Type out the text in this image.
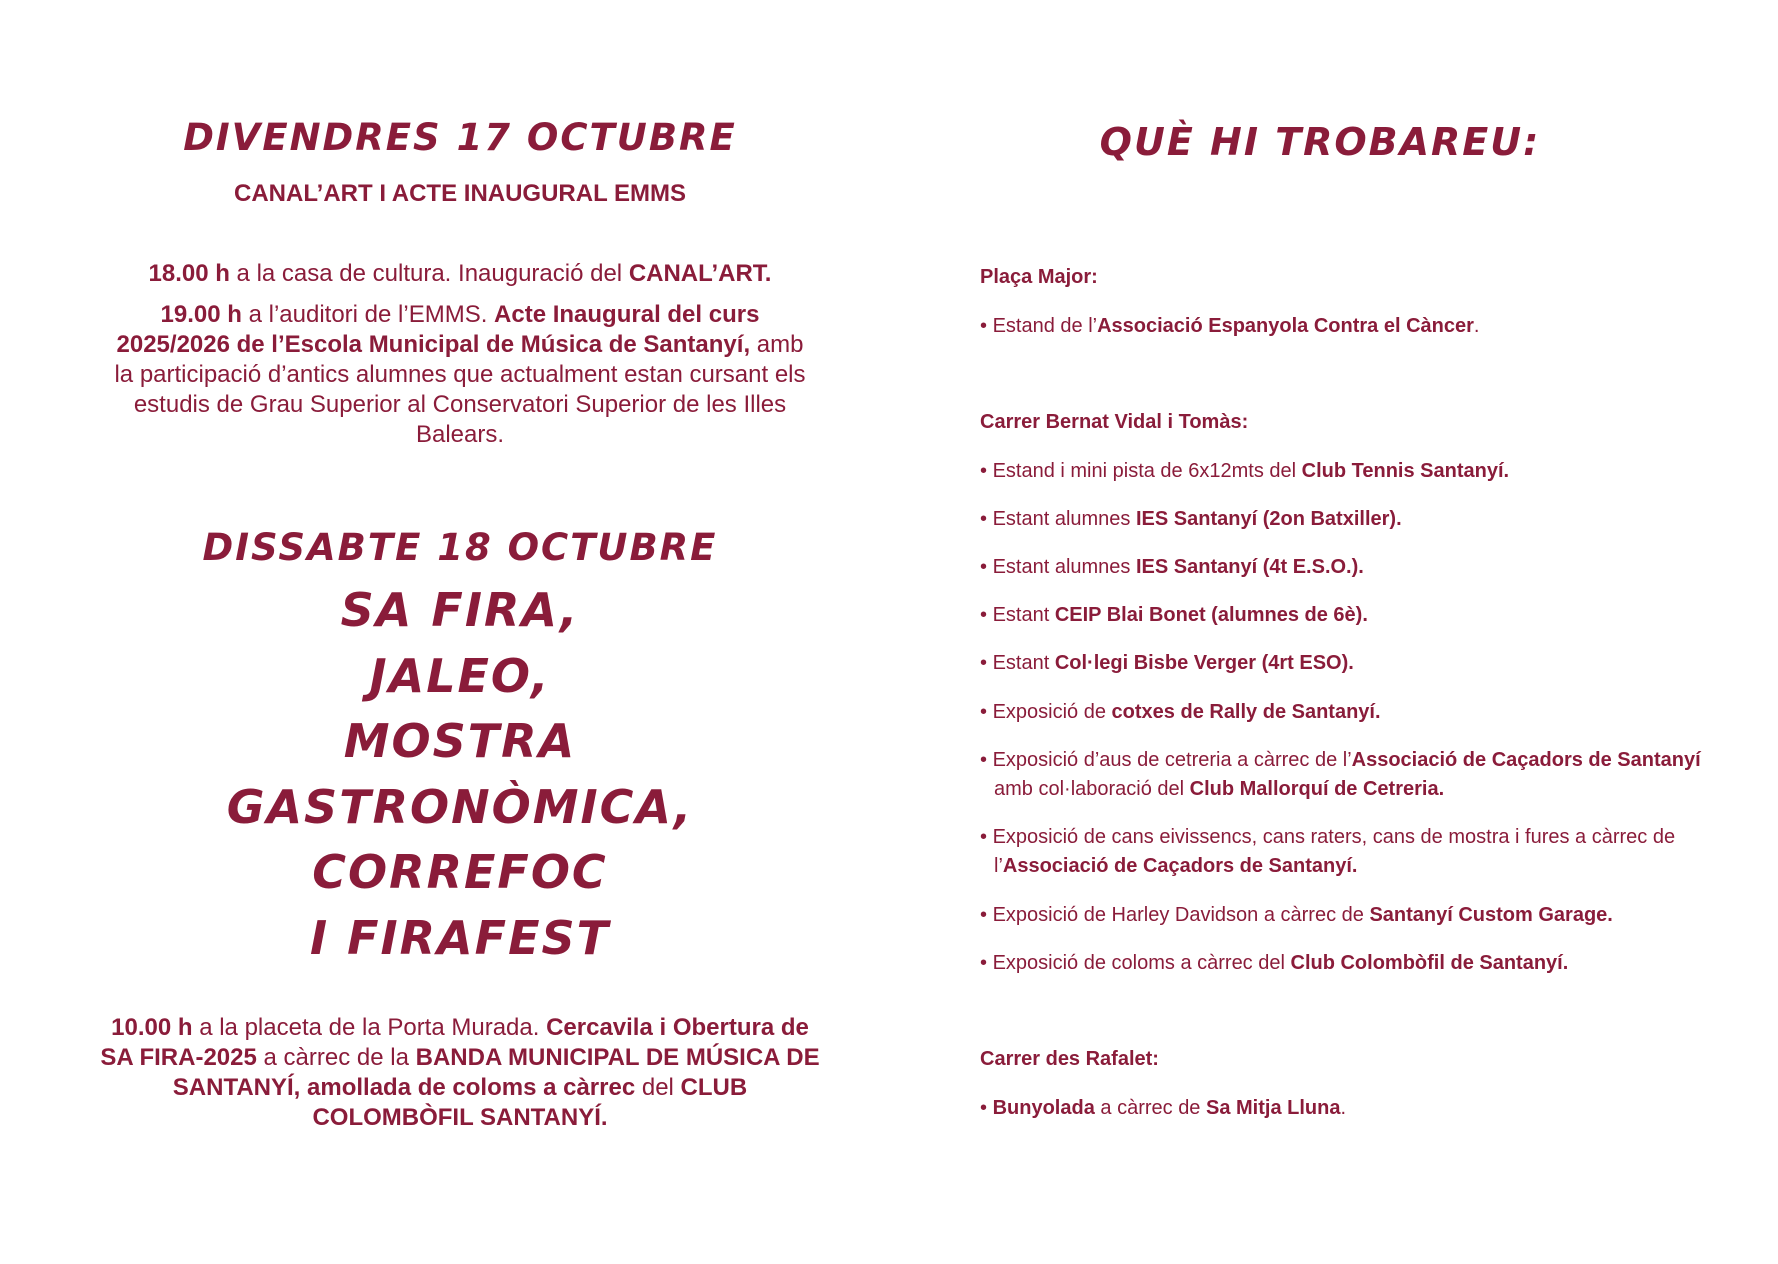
DIVENDRES 17 OCTUBRE
CANAL’ART I ACTE INAUGURAL EMMS
18.00 h a la casa de cultura. Inauguració del CANAL’ART.
19.00 h a l’auditori de l’EMMS. Acte Inaugural del curs 2025/2026 de l’Escola Municipal de Música de Santanyí, amb la participació d’antics alumnes que actualment estan cursant els estudis de Grau Superior al Conservatori Superior de les Illes Balears.
DISSABTE 18 OCTUBRE
SA FIRA,
JALEO,
MOSTRA
GASTRONÒMICA,
CORREFOC
I FIRAFEST
10.00 h a la placeta de la Porta Murada. Cercavila i Obertura de SA FIRA-2025 a càrrec de la BANDA MUNICIPAL DE MÚSICA DE SANTANYÍ, amollada de coloms a càrrec del CLUB COLOMBÒFIL SANTANYÍ.
QUÈ HI TROBAREU:
Plaça Major:
• Estand de l’Associació Espanyola Contra el Càncer.
Carrer Bernat Vidal i Tomàs:
• Estand i mini pista de 6x12mts del Club Tennis Santanyí.
• Estant alumnes IES Santanyí (2on Batxiller).
• Estant alumnes IES Santanyí (4t E.S.O.).
• Estant CEIP Blai Bonet (alumnes de 6è).
• Estant Col·legi Bisbe Verger (4rt ESO).
• Exposició de cotxes de Rally de Santanyí.
• Exposició d’aus de cetreria a càrrec de l’Associació de Caçadors de Santanyí amb col·laboració del Club Mallorquí de Cetreria.
• Exposició de cans eivissencs, cans raters, cans de mostra i fures a càrrec de l’Associació de Caçadors de Santanyí.
• Exposició de Harley Davidson a càrrec de Santanyí Custom Garage.
• Exposició de coloms a càrrec del Club Colombòfil de Santanyí.
Carrer des Rafalet:
• Bunyolada a càrrec de Sa Mitja Lluna.
